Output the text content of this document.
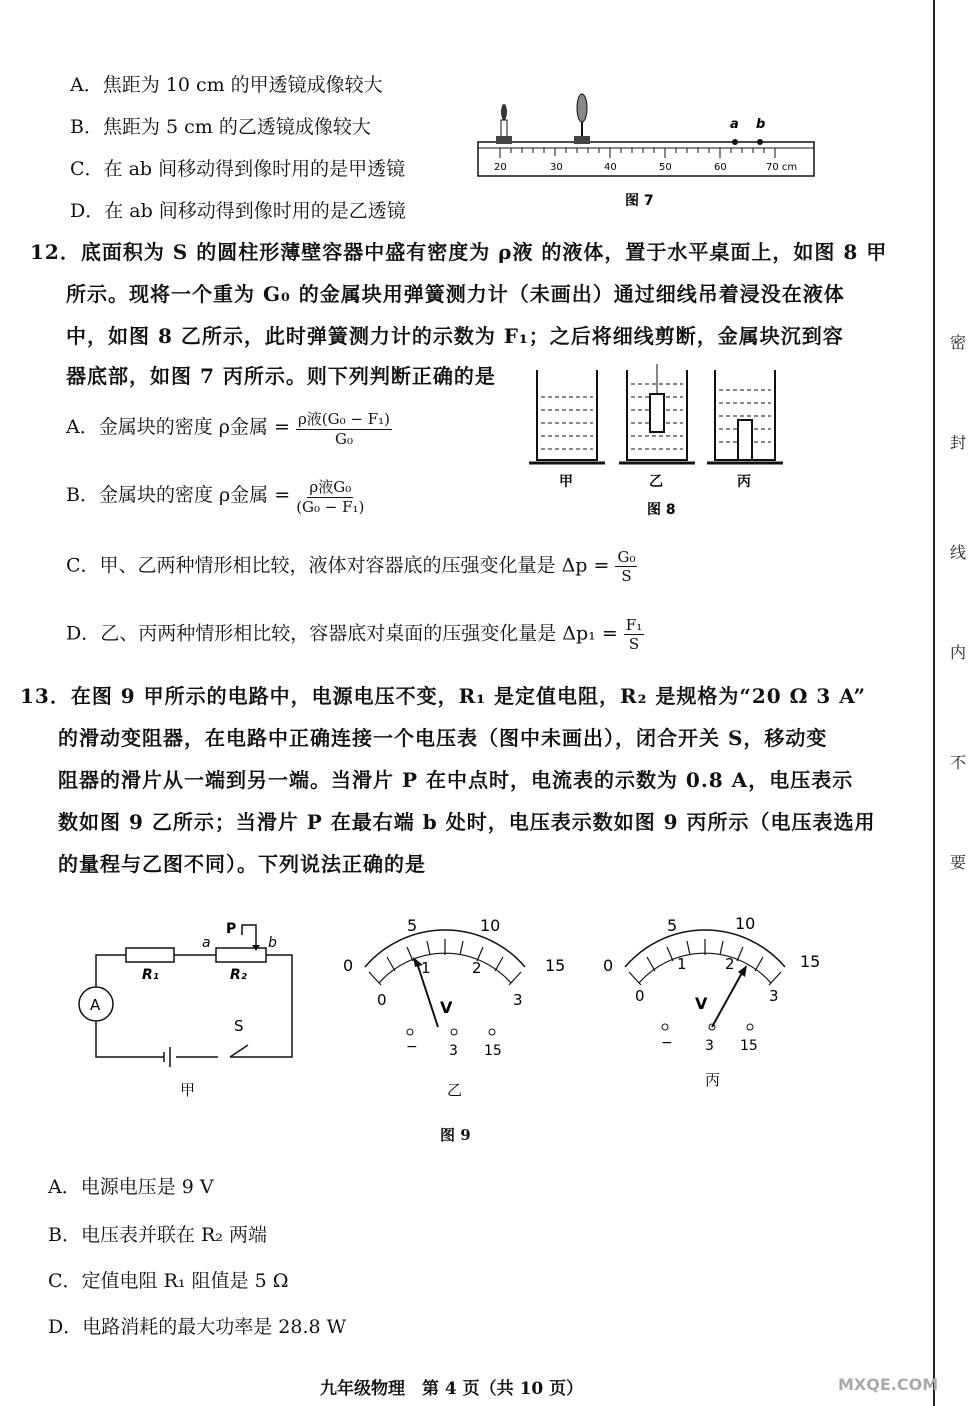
密
封
线
内
不
要
A．焦距为 10 cm 的甲透镜成像较大
B．焦距为 5 cm 的乙透镜成像较大
C．在 ab 间移动得到像时用的是甲透镜
D．在 ab 间移动得到像时用的是乙透镜
20	30	40	50	60	70 cm
a b
图 7
12．底面积为 S 的圆柱形薄壁容器中盛有密度为 ρ液 的液体，置于水平桌面上，如图 8 甲
所示。现将一个重为 G₀ 的金属块用弹簧测力计（未画出）通过细线吊着浸没在液体
中，如图 8 乙所示，此时弹簧测力计的示数为 F₁；之后将细线剪断，金属块沉到容
器底部，如图 7 丙所示。则下列判断正确的是
A．金属块的密度 ρ金属 = $\frac{\text{ρ液(G₀ − F₁)}}{\text{G₀}}$
B．金属块的密度 ρ金属 = $\frac{\text{ρ液G₀}}{\text{(G₀ − F₁)}}$
C．甲、乙两种情形相比较，液体对容器底的压强变化量是 $\Delta p = \frac{\text{G₀}}{S}$
D．乙、丙两种情形相比较，容器底对桌面的压强变化量是 $\Delta p_1 = \frac{\text{F₁}}{S}$
甲	乙	丙
图 8
13．在图 9 甲所示的电路中，电源电压不变，R₁ 是定值电阻，R₂ 是规格为“20 Ω 3 A”
的滑动变阻器，在电路中正确连接一个电压表（图中未画出），闭合开关 S，移动变
阻器的滑片从一端到另一端。当滑片 P 在中点时，电流表的示数为 0.8 A，电压表示
数如图 9 乙所示；当滑片 P 在最右端 b 处时，电压表示数如图 9 丙所示（电压表选用
的量程与乙图不同）。下列说法正确的是
A
R₁	R₂
P
a	b
S
甲
0
5	10
15
0
1	2
3
V
− 3 15
乙
0
5	10
15
0
1	2
3
V
− 3 15
丙
图 9
A．电源电压是 9 V
B．电压表并联在 R₂ 两端
C．定值电阻 R₁ 阻值是 5 Ω
D．电路消耗的最大功率是 28.8 W
九年级物理　第 4 页（共 10 页）	MXQE.COM
